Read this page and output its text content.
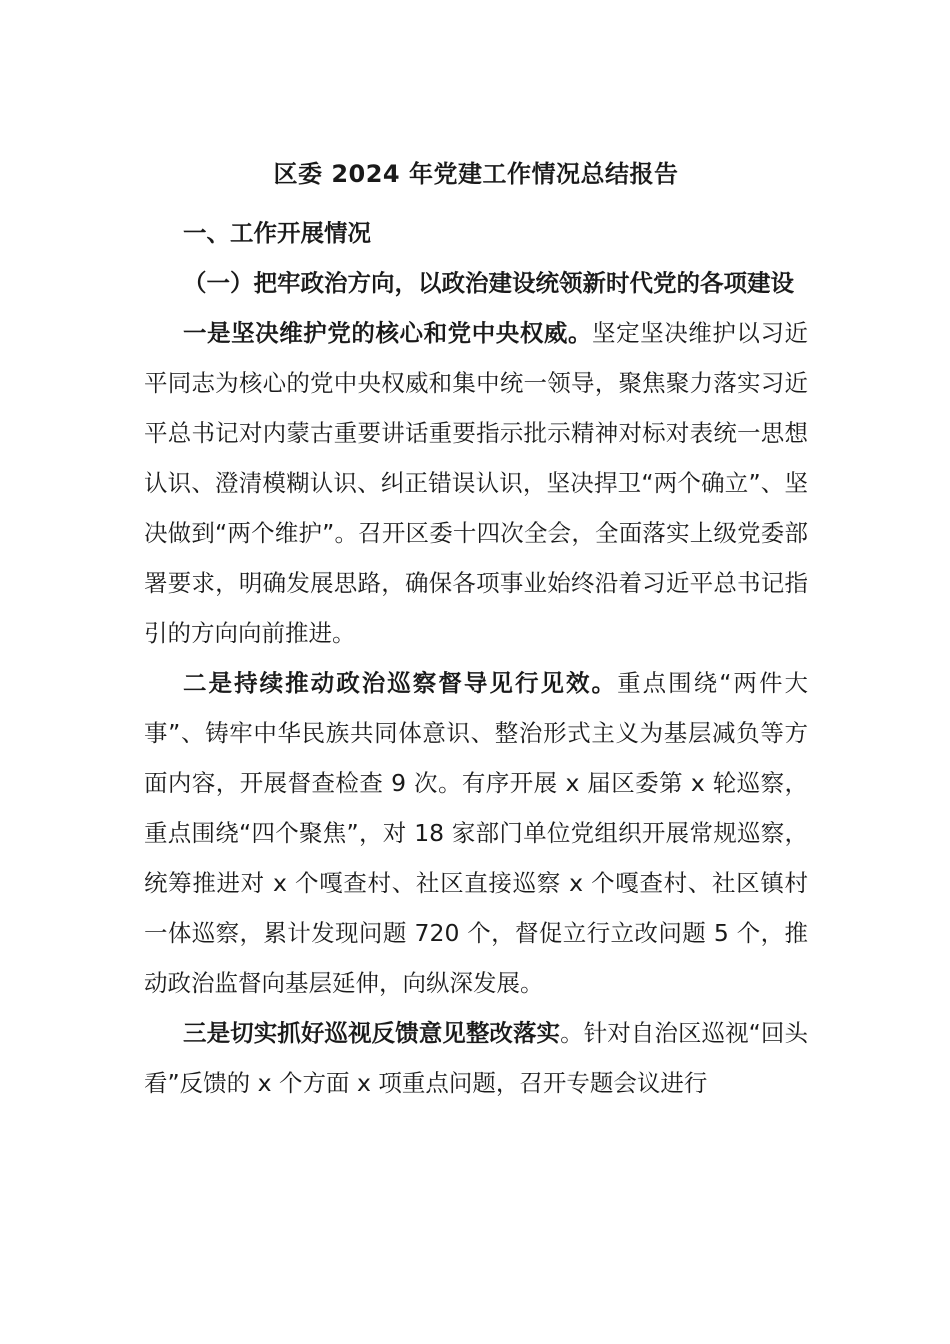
区委 2024 年党建工作情况总结报告

一、工作开展情况

（一）把牢政治方向，以政治建设统领新时代党的各项建设

一是坚决维护党的核心和党中央权威。坚定坚决维护以习近平同志为核心的党中央权威和集中统一领导，聚焦聚力落实习近平总书记对内蒙古重要讲话重要指示批示精神对标对表统一思想认识、澄清模糊认识、纠正错误认识，坚决捍卫“两个确立”、坚决做到“两个维护”。召开区委十四次全会，全面落实上级党委部署要求，明确发展思路，确保各项事业始终沿着习近平总书记指引的方向向前推进。

二是持续推动政治巡察督导见行见效。重点围绕“两件大事”、铸牢中华民族共同体意识、整治形式主义为基层减负等方面内容，开展督查检查 9 次。有序开展 x 届区委第 x 轮巡察，重点围绕“四个聚焦”，对 18 家部门单位党组织开展常规巡察，统筹推进对 x 个嘎查村、社区直接巡察 x 个嘎查村、社区镇村一体巡察，累计发现问题 720 个，督促立行立改问题 5 个，推动政治监督向基层延伸，向纵深发展。

三是切实抓好巡视反馈意见整改落实。针对自治区巡视“回头看”反馈的 x 个方面 x 项重点问题，召开专题会议进行
